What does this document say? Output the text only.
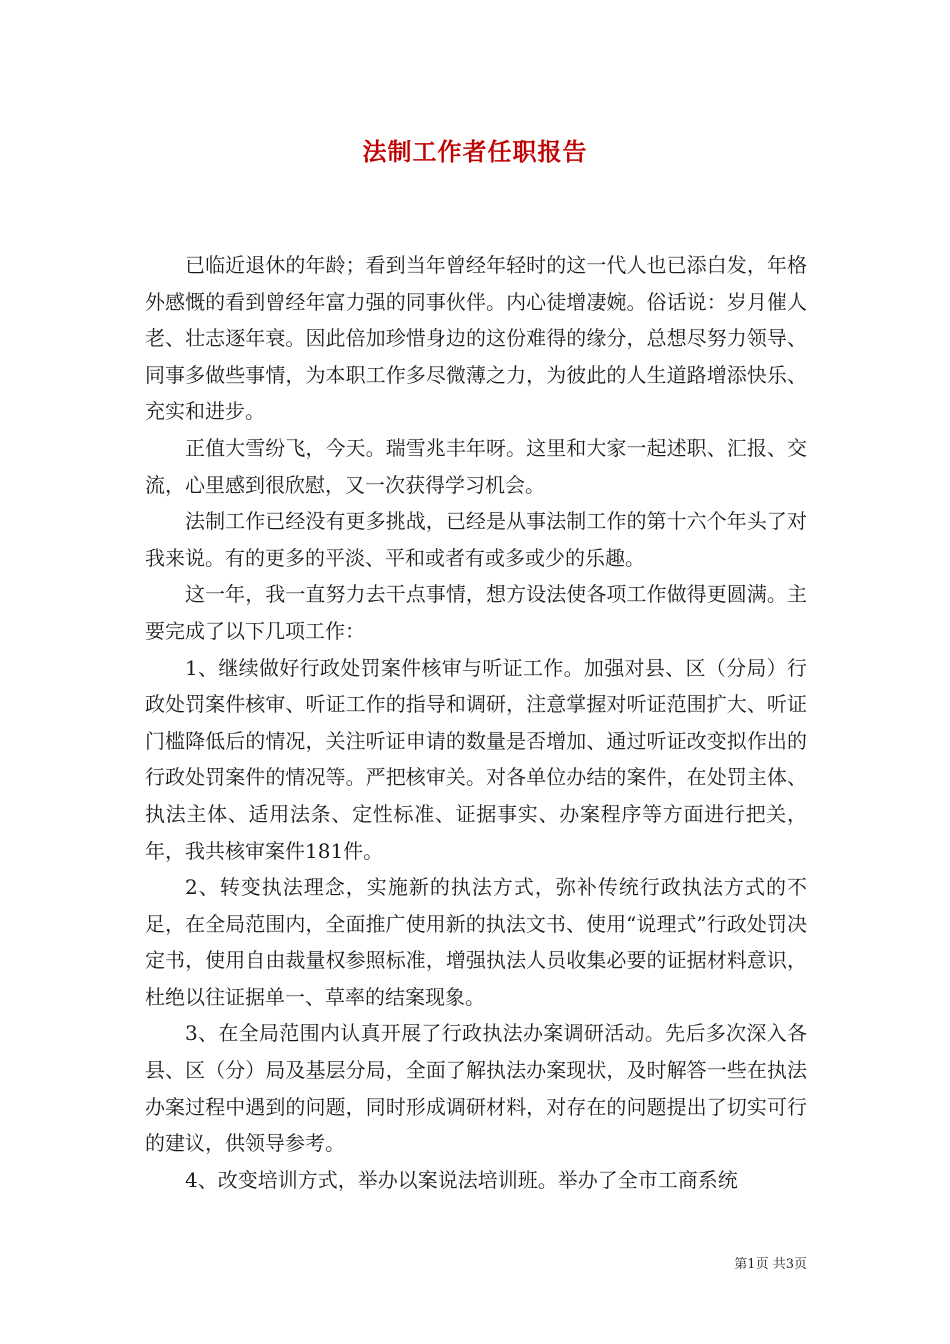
法制工作者任职报告

已临近退休的年龄；看到当年曾经年轻时的这一代人也已添白发，年格外感慨的看到曾经年富力强的同事伙伴。内心徒增凄婉。俗话说：岁月催人老、壮志逐年衰。因此倍加珍惜身边的这份难得的缘分，总想尽努力领导、同事多做些事情，为本职工作多尽微薄之力，为彼此的人生道路增添快乐、充实和进步。

正值大雪纷飞，今天。瑞雪兆丰年呀。这里和大家一起述职、汇报、交流，心里感到很欣慰，又一次获得学习机会。

法制工作已经没有更多挑战，已经是从事法制工作的第十六个年头了对我来说。有的更多的平淡、平和或者有或多或少的乐趣。

这一年，我一直努力去干点事情，想方设法使各项工作做得更圆满。主要完成了以下几项工作：

1、继续做好行政处罚案件核审与听证工作。加强对县、区（分局）行政处罚案件核审、听证工作的指导和调研，注意掌握对听证范围扩大、听证门槛降低后的情况，关注听证申请的数量是否增加、通过听证改变拟作出的行政处罚案件的情况等。严把核审关。对各单位办结的案件，在处罚主体、执法主体、适用法条、定性标准、证据事实、办案程序等方面进行把关，年，我共核审案件181件。

2、转变执法理念，实施新的执法方式，弥补传统行政执法方式的不足，在全局范围内，全面推广使用新的执法文书、使用“说理式”行政处罚决定书，使用自由裁量权参照标准，增强执法人员收集必要的证据材料意识，杜绝以往证据单一、草率的结案现象。

3、在全局范围内认真开展了行政执法办案调研活动。先后多次深入各县、区（分）局及基层分局，全面了解执法办案现状，及时解答一些在执法办案过程中遇到的问题，同时形成调研材料，对存在的问题提出了切实可行的建议，供领导参考。

4、改变培训方式，举办以案说法培训班。举办了全市工商系统

第1页 共3页
